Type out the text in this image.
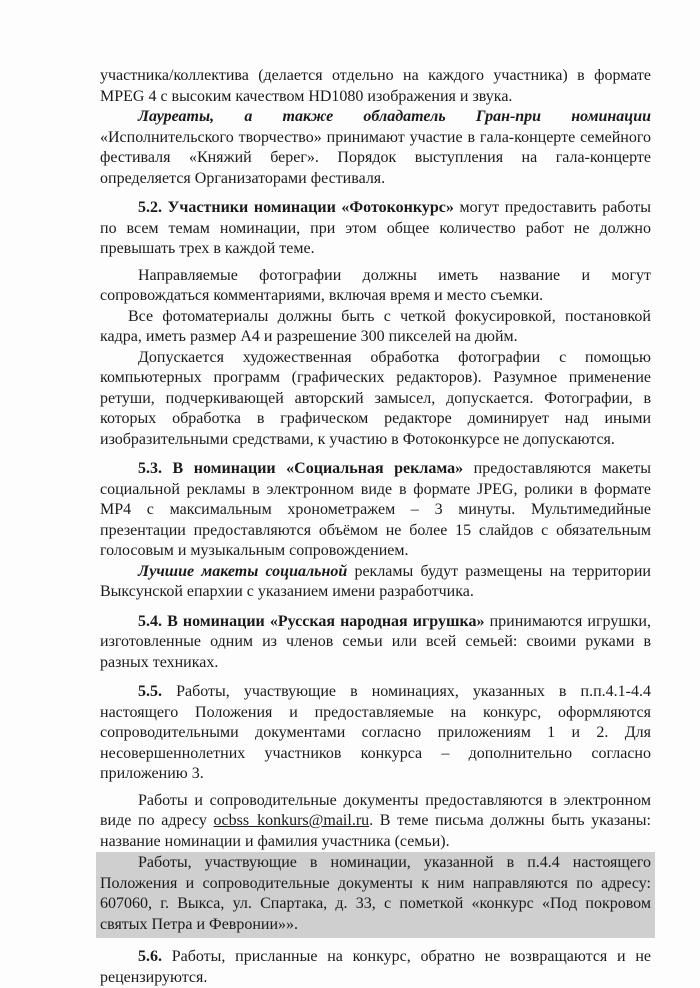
участника/коллектива (делается отдельно на каждого участника) в формате MPEG 4 с высоким качеством HD1080 изображения и звука.

Лауреаты, а также обладатель Гран-при номинации

«Исполнительского творчество» принимают участие в гала-концерте семейного фестиваля «Княжий берег». Порядок выступления на гала-концерте определяется Организаторами фестиваля.

5.2. Участники номинации «Фотоконкурс» могут предоставить работы по всем темам номинации, при этом общее количество работ не должно превышать трех в каждой теме.

Направляемые фотографии должны иметь название и могут сопровождаться комментариями, включая время и место съемки.

Все фотоматериалы должны быть с четкой фокусировкой, постановкой кадра, иметь размер А4 и разрешение 300 пикселей на дюйм.

Допускается художественная обработка фотографии с помощью компьютерных программ (графических редакторов). Разумное применение ретуши, подчеркивающей авторский замысел, допускается. Фотографии, в которых обработка в графическом редакторе доминирует над иными изобразительными средствами, к участию в Фотоконкурсе не допускаются.

5.3. В номинации «Социальная реклама» предоставляются макеты социальной рекламы в электронном виде в формате JPEG, ролики в формате MP4 с максимальным хронометражем – 3 минуты. Мультимедийные презентации предоставляются объёмом не более 15 слайдов с обязательным голосовым и музыкальным сопровождением.

Лучшие макеты социальной рекламы будут размещены на территории Выксунской епархии с указанием имени разработчика.

5.4. В номинации «Русская народная игрушка» принимаются игрушки, изготовленные одним из членов семьи или всей семьей: своими руками в разных техниках.

5.5. Работы, участвующие в номинациях, указанных в п.п.4.1-4.4 настоящего Положения и предоставляемые на конкурс, оформляются сопроводительными документами согласно приложениям 1 и 2. Для несовершеннолетних участников конкурса – дополнительно согласно приложению 3.

Работы и сопроводительные документы предоставляются в электронном виде по адресу ocbss_konkurs@mail.ru. В теме письма должны быть указаны: название номинации и фамилия участника (семьи).

Работы, участвующие в номинации, указанной в п.4.4 настоящего Положения и сопроводительные документы к ним направляются по адресу: 607060, г. Выкса, ул. Спартака, д. 33, с пометкой «конкурс «Под покровом святых Петра и Февронии»».

5.6. Работы, присланные на конкурс, обратно не возвращаются и не рецензируются.
